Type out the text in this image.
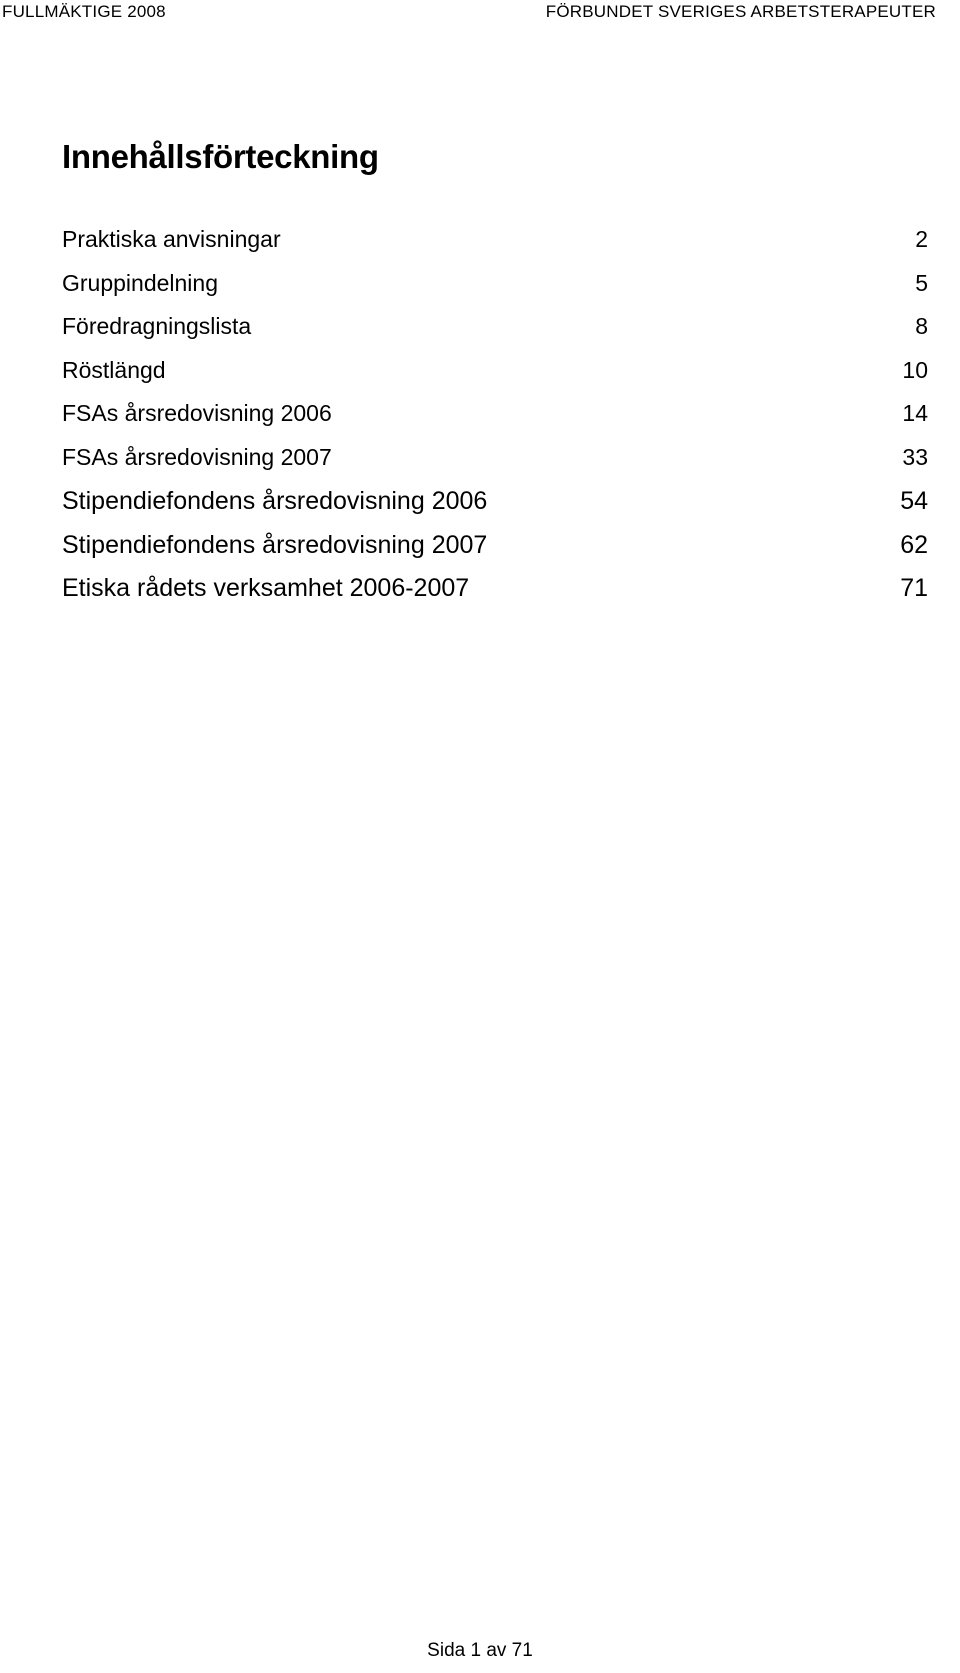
FULLMÄKTIGE 2008	FÖRBUNDET SVERIGES ARBETSTERAPEUTER
Innehållsförteckning
Praktiska anvisningar	2
Gruppindelning	5
Föredragningslista	8
Röstlängd	10
FSAs årsredovisning 2006	14
FSAs årsredovisning 2007	33
Stipendiefondens årsredovisning 2006	54
Stipendiefondens årsredovisning 2007	62
Etiska rådets verksamhet 2006-2007	71
Sida 1 av 71
